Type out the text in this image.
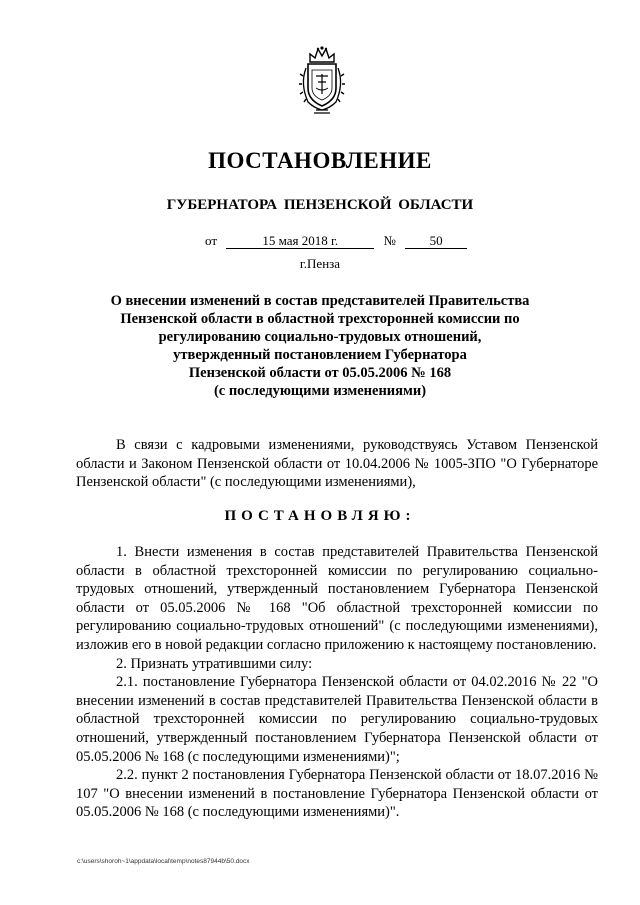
ПОСТАНОВЛЕНИЕ
ГУБЕРНАТОРА ПЕНЗЕНСКОЙ ОБЛАСТИ
от	15 мая 2018 г.	№	50
г.Пенза
О внесении изменений в состав представителей Правительства
Пензенской области в областной трехсторонней комиссии по
регулированию социально-трудовых отношений,
утвержденный постановлением Губернатора
Пензенской области от 05.05.2006 № 168
(с последующими изменениями)

В связи с кадровыми изменениями, руководствуясь Уставом Пензенской области и Законом Пензенской области от 10.04.2006 № 1005-ЗПО "О Губернаторе Пензенской области" (с последующими изменениями),

ПОСТАНОВЛЯЮ:

1. Внести изменения в состав представителей Правительства Пензенской области в областной трехсторонней комиссии по регулированию социально-трудовых отношений, утвержденный постановлением Губернатора Пензенской области от 05.05.2006 № 168 "Об областной трехсторонней комиссии по регулированию социально-трудовых отношений" (с последующими изменениями), изложив его в новой редакции согласно приложению к настоящему постановлению.

2. Признать утратившими силу:

2.1. постановление Губернатора Пензенской области от 04.02.2016 № 22 "О внесении изменений в состав представителей Правительства Пензенской области в областной трехсторонней комиссии по регулированию социально-трудовых отношений, утвержденный постановлением Губернатора Пензенской области от 05.05.2006 № 168 (с последующими изменениями)";

2.2. пункт 2 постановления Губернатора Пензенской области от 18.07.2016 № 107 "О внесении изменений в постановление Губернатора Пензенской области от 05.05.2006 № 168 (с последующими изменениями)".

c:\users\shoroh~1\appdata\local\temp\notes87944b\50.docx
